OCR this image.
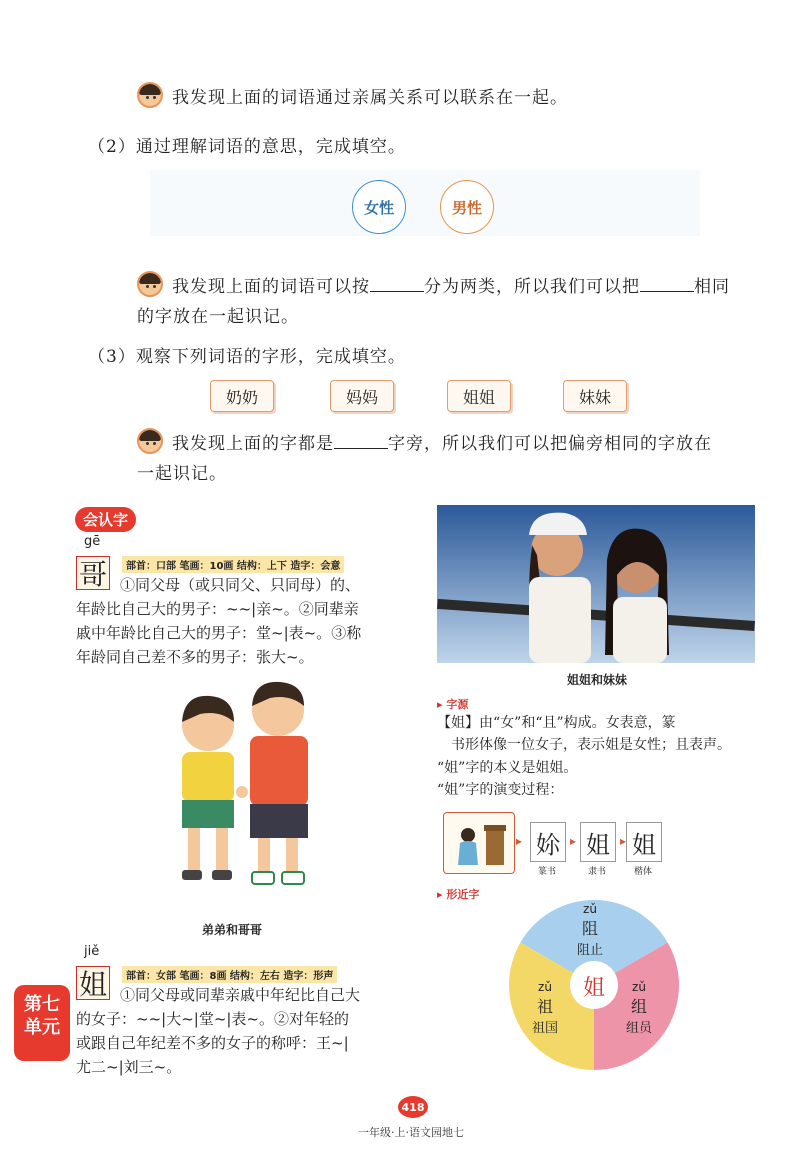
我发现上面的词语通过亲属关系可以联系在一起。
（2）通过理解词语的意思，完成填空。
女性	男性
我发现上面的词语可以按	分为两类，所以我们可以把	相同
的字放在一起识记。
（3）观察下列词语的字形，完成填空。
奶奶	妈妈	姐姐	妹妹
我发现上面的字都是	字旁，所以我们可以把偏旁相同的字放在
一起识记。
会认字
gē
哥	部首：口部 笔画：10画 结构：上下 造字：会意
①同父母（或只同父、只同母）的、
年龄比自己大的男子：~~|亲~。②同辈亲
戚中年龄比自己大的男子：堂~|表~。③称
年龄同自己差不多的男子：张大~。
弟弟和哥哥
jiě
姐	部首：女部 笔画：8画 结构：左右 造字：形声
①同父母或同辈亲戚中年纪比自己大
的女子：~~|大~|堂~|表~。②对年轻的
或跟自己年纪差不多的女子的称呼：王~|
尤二~|刘三~。
第七
单元
姐姐和妹妹
▸ 字源
【姐】由“女”和“且”构成。女表意，篆
书形体像一位女子，表示姐是女性；且表声。
“姐”字的本义是姐姐。
“姐”字的演变过程：
▸ 㚷
篆书
▸ 姐
隶书
▸ 姐
楷体
▸ 形近字
姐
zǔ
阻
阻止
zǔ
祖
祖国
zǔ
组
组员
418
一年级·上·语文园地七
